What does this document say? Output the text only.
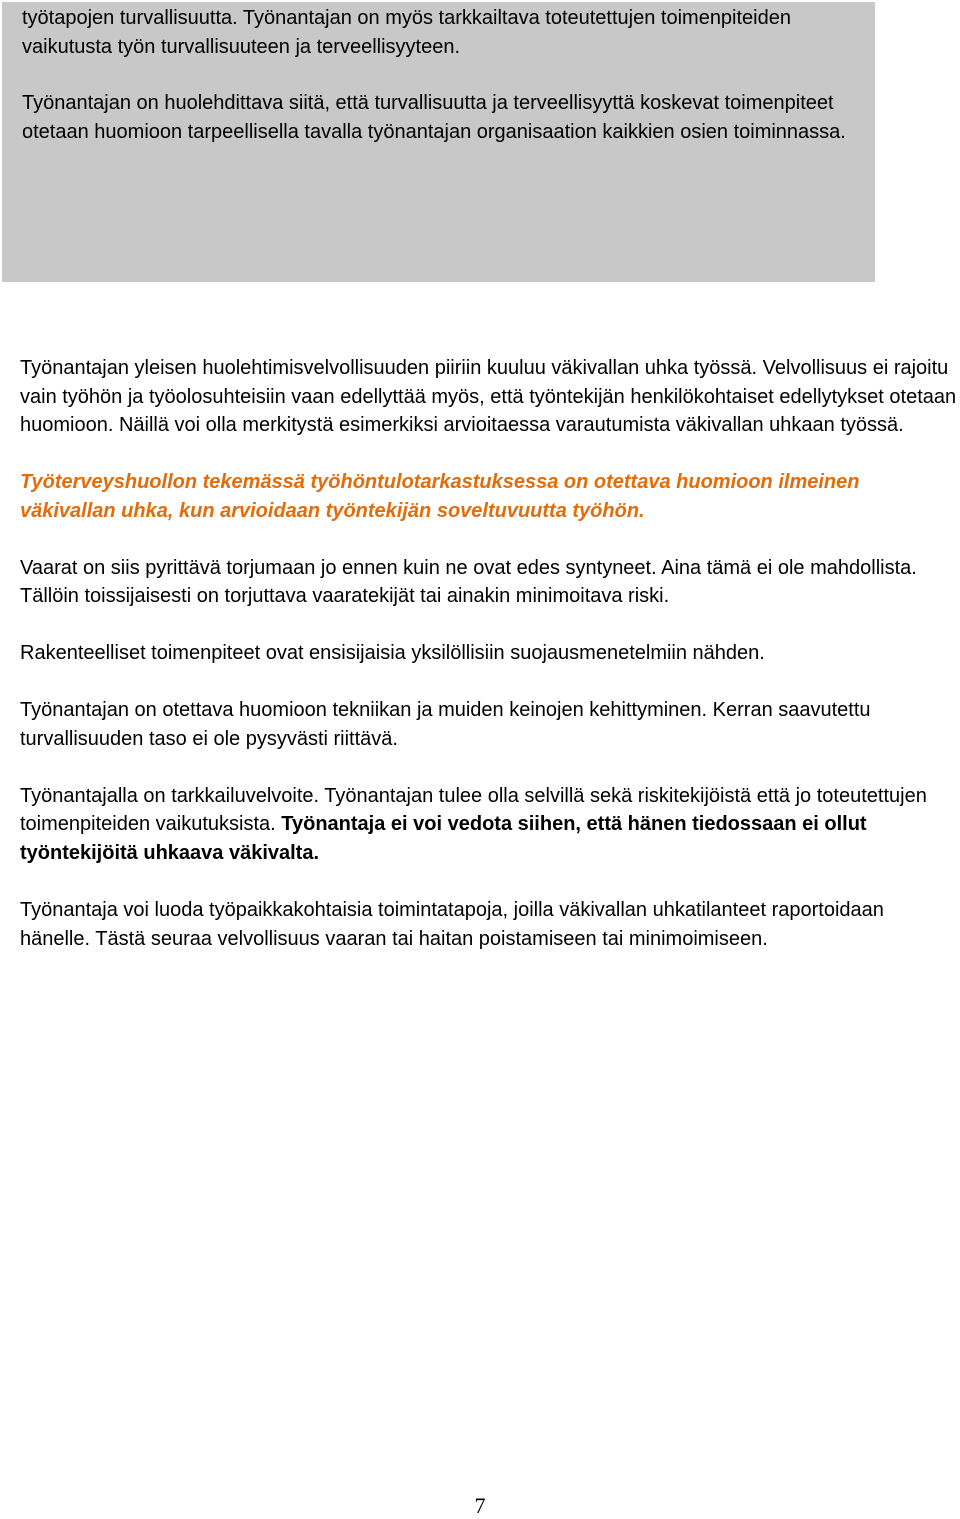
työtapojen turvallisuutta. Työnantajan on myös tarkkailtava toteutettujen toimenpiteiden vaikutusta työn turvallisuuteen ja terveellisyyteen.

Työnantajan on huolehdittava siitä, että turvallisuutta ja terveellisyyttä koskevat toimenpiteet otetaan huomioon tarpeellisella tavalla työnantajan organisaation kaikkien osien toiminnassa.

Työnantajan yleisen huolehtimisvelvollisuuden piiriin kuuluu väkivallan uhka työssä. Velvollisuus ei rajoitu vain työhön ja työolosuhteisiin vaan edellyttää myös, että työntekijän henkilökohtaiset edellytykset otetaan huomioon. Näillä voi olla merkitystä esimerkiksi arvioitaessa varautumista väkivallan uhkaan työssä.

Työterveyshuollon tekemässä työhöntulotarkastuksessa on otettava huomioon ilmeinen väkivallan uhka, kun arvioidaan työntekijän soveltuvuutta työhön.

Vaarat on siis pyrittävä torjumaan jo ennen kuin ne ovat edes syntyneet. Aina tämä ei ole mahdollista. Tällöin toissijaisesti on torjuttava vaaratekijät tai ainakin minimoitava riski.

Rakenteelliset toimenpiteet ovat ensisijaisia yksilöllisiin suojausmenetelmiin nähden.

Työnantajan on otettava huomioon tekniikan ja muiden keinojen kehittyminen. Kerran saavutettu turvallisuuden taso ei ole pysyvästi riittävä.

Työnantajalla on tarkkailuvelvoite. Työnantajan tulee olla selvillä sekä riskitekijöistä että jo toteutettujen toimenpiteiden vaikutuksista. Työnantaja ei voi vedota siihen, että hänen tiedossaan ei ollut työntekijöitä uhkaava väkivalta.

Työnantaja voi luoda työpaikkakohtaisia toimintatapoja, joilla väkivallan uhkatilanteet raportoidaan hänelle. Tästä seuraa velvollisuus vaaran tai haitan poistamiseen tai minimoimiseen.

7
